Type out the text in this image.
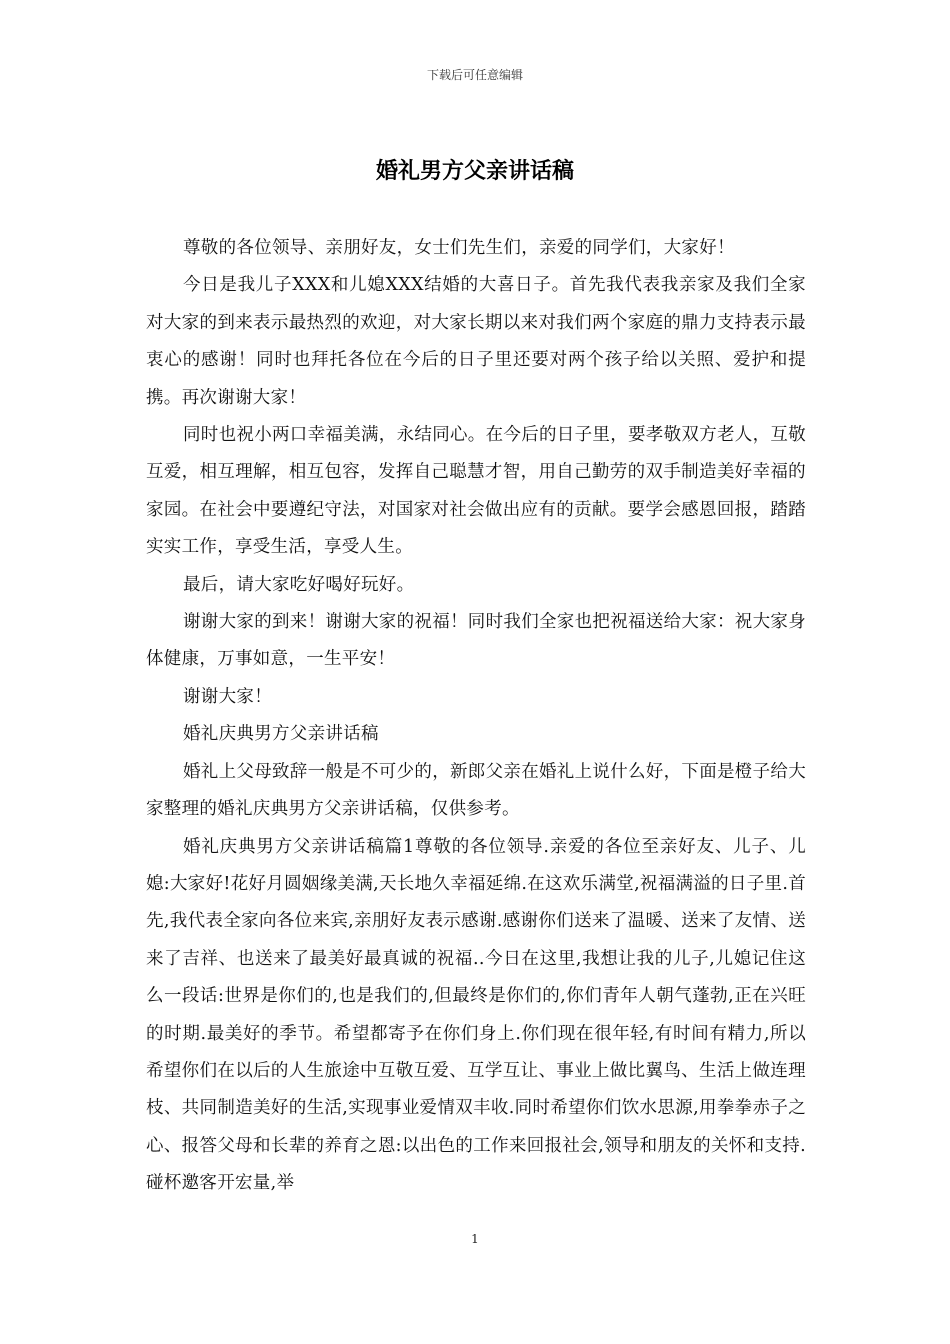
下载后可任意编辑
婚礼男方父亲讲话稿

尊敬的各位领导、亲朋好友，女士们先生们，亲爱的同学们，大家好！

今日是我儿子XXX和儿媳XXX结婚的大喜日子。首先我代表我亲家及我们全家对大家的到来表示最热烈的欢迎，对大家长期以来对我们两个家庭的鼎力支持表示最衷心的感谢！同时也拜托各位在今后的日子里还要对两个孩子给以关照、爱护和提携。再次谢谢大家！

同时也祝小两口幸福美满，永结同心。在今后的日子里，要孝敬双方老人，互敬互爱，相互理解，相互包容，发挥自己聪慧才智，用自己勤劳的双手制造美好幸福的家园。在社会中要遵纪守法，对国家对社会做出应有的贡献。要学会感恩回报，踏踏实实工作，享受生活，享受人生。

最后，请大家吃好喝好玩好。

谢谢大家的到来！谢谢大家的祝福！同时我们全家也把祝福送给大家：祝大家身体健康，万事如意，一生平安！

谢谢大家！

婚礼庆典男方父亲讲话稿

婚礼上父母致辞一般是不可少的，新郎父亲在婚礼上说什么好，下面是橙子给大家整理的婚礼庆典男方父亲讲话稿，仅供参考。

婚礼庆典男方父亲讲话稿篇1尊敬的各位领导.亲爱的各位至亲好友、儿子、儿媳:大家好!花好月圆姻缘美满,天长地久幸福延绵.在这欢乐满堂,祝福满溢的日子里.首先,我代表全家向各位来宾,亲朋好友表示感谢.感谢你们送来了温暖、送来了友情、送来了吉祥、也送来了最美好最真诚的祝福..今日在这里,我想让我的儿子,儿媳记住这么一段话:世界是你们的,也是我们的,但最终是你们的,你们青年人朝气蓬勃,正在兴旺的时期.最美好的季节。希望都寄予在你们身上.你们现在很年轻,有时间有精力,所以希望你们在以后的人生旅途中互敬互爱、互学互让、事业上做比翼鸟、生活上做连理枝、共同制造美好的生活,实现事业爱情双丰收.同时希望你们饮水思源,用拳拳赤子之心、报答父母和长辈的养育之恩:以出色的工作来回报社会,领导和朋友的关怀和支持.碰杯邀客开宏量,举

1
